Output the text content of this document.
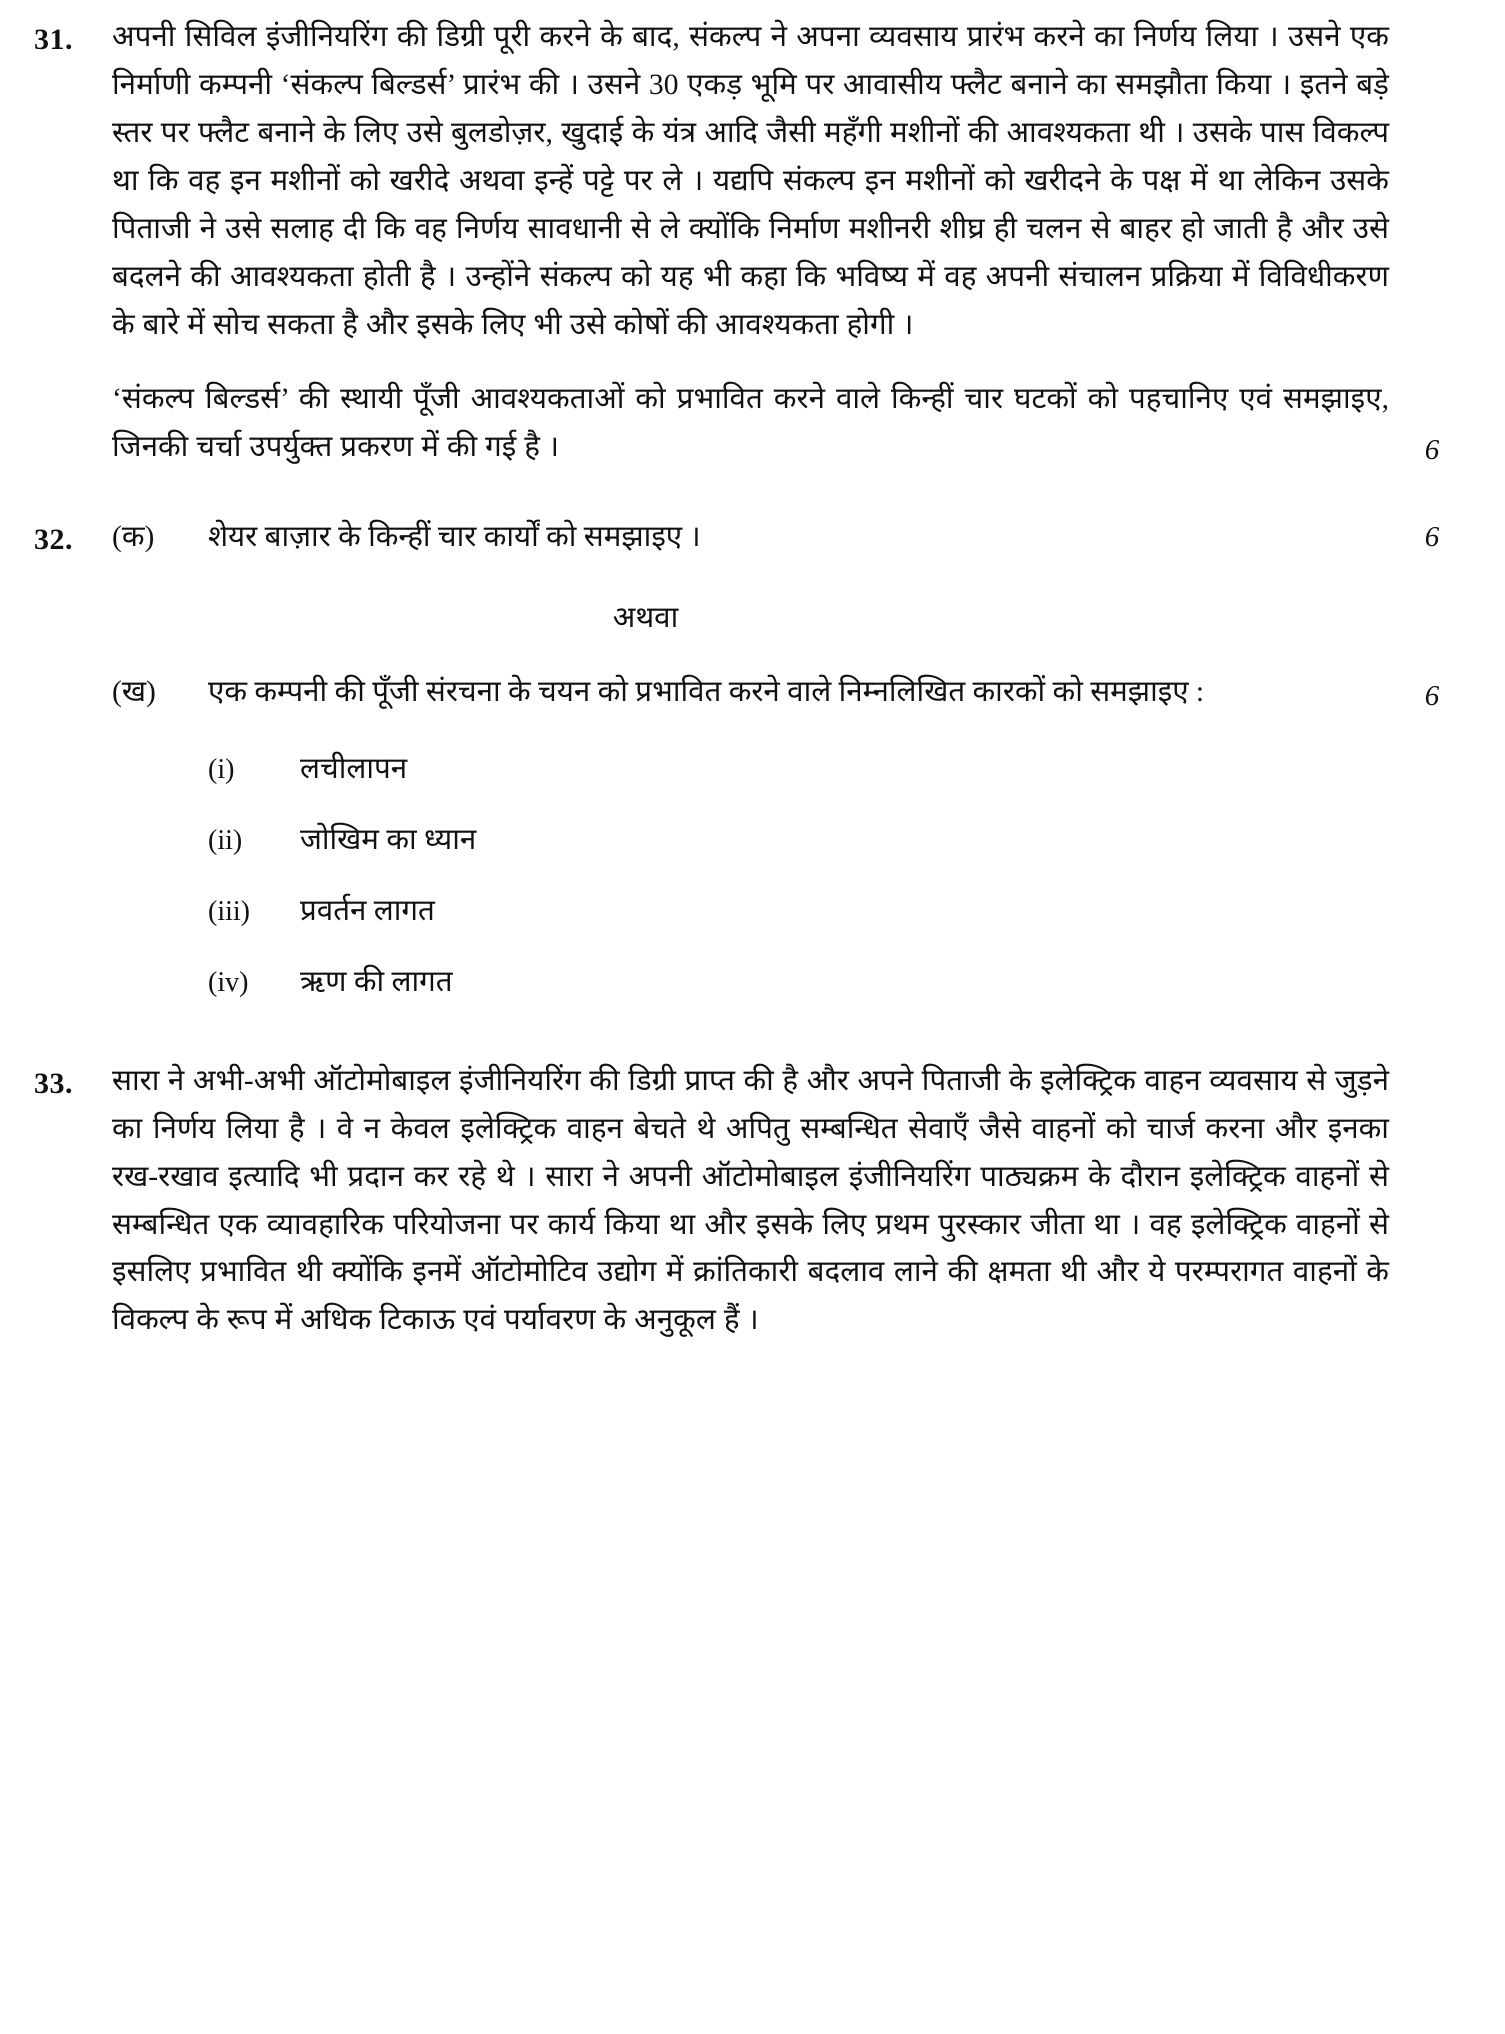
31.	अपनी सिविल इंजीनियरिंग की डिग्री पूरी करने के बाद, संकल्प ने अपना व्यवसाय प्रारंभ करने का निर्णय लिया । उसने एक निर्माणी कम्पनी ‘संकल्प बिल्डर्स’ प्रारंभ की । उसने 30 एकड़ भूमि पर आवासीय फ्लैट बनाने का समझौता किया । इतने बड़े स्तर पर फ्लैट बनाने के लिए उसे बुलडोज़र, खुदाई के यंत्र आदि जैसी महँगी मशीनों की आवश्यकता थी । उसके पास विकल्प था कि वह इन मशीनों को खरीदे अथवा इन्हें पट्टे पर ले । यद्यपि संकल्प इन मशीनों को खरीदने के पक्ष में था लेकिन उसके पिताजी ने उसे सलाह दी कि वह निर्णय सावधानी से ले क्योंकि निर्माण मशीनरी शीघ्र ही चलन से बाहर हो जाती है और उसे बदलने की आवश्यकता होती है । उन्होंने संकल्प को यह भी कहा कि भविष्य में वह अपनी संचालन प्रक्रिया में विविधीकरण के बारे में सोच सकता है और इसके लिए भी उसे कोषों की आवश्यकता होगी ।

‘संकल्प बिल्डर्स’ की स्थायी पूँजी आवश्यकताओं को प्रभावित करने वाले किन्हीं चार घटकों को पहचानिए एवं समझाइए, जिनकी चर्चा उपर्युक्त प्रकरण में की गई है ।	6
32.	(क)	शेयर बाज़ार के किन्हीं चार कार्यों को समझाइए ।	6
अथवा
(ख)	एक कम्पनी की पूँजी संरचना के चयन को प्रभावित करने वाले निम्नलिखित कारकों को समझाइए :	6
(i)	लचीलापन
(ii)	जोखिम का ध्यान
(iii)	प्रवर्तन लागत
(iv)	ऋण की लागत
33.	सारा ने अभी-अभी ऑटोमोबाइल इंजीनियरिंग की डिग्री प्राप्त की है और अपने पिताजी के इलेक्ट्रिक वाहन व्यवसाय से जुड़ने का निर्णय लिया है । वे न केवल इलेक्ट्रिक वाहन बेचते थे अपितु सम्बन्धित सेवाएँ जैसे वाहनों को चार्ज करना और इनका रख-रखाव इत्यादि भी प्रदान कर रहे थे । सारा ने अपनी ऑटोमोबाइल इंजीनियरिंग पाठ्यक्रम के दौरान इलेक्ट्रिक वाहनों से सम्बन्धित एक व्यावहारिक परियोजना पर कार्य किया था और इसके लिए प्रथम पुरस्कार जीता था । वह इलेक्ट्रिक वाहनों से इसलिए प्रभावित थी क्योंकि इनमें ऑटोमोटिव उद्योग में क्रांतिकारी बदलाव लाने की क्षमता थी और ये परम्परागत वाहनों के विकल्प के रूप में अधिक टिकाऊ एवं पर्यावरण के अनुकूल हैं ।
